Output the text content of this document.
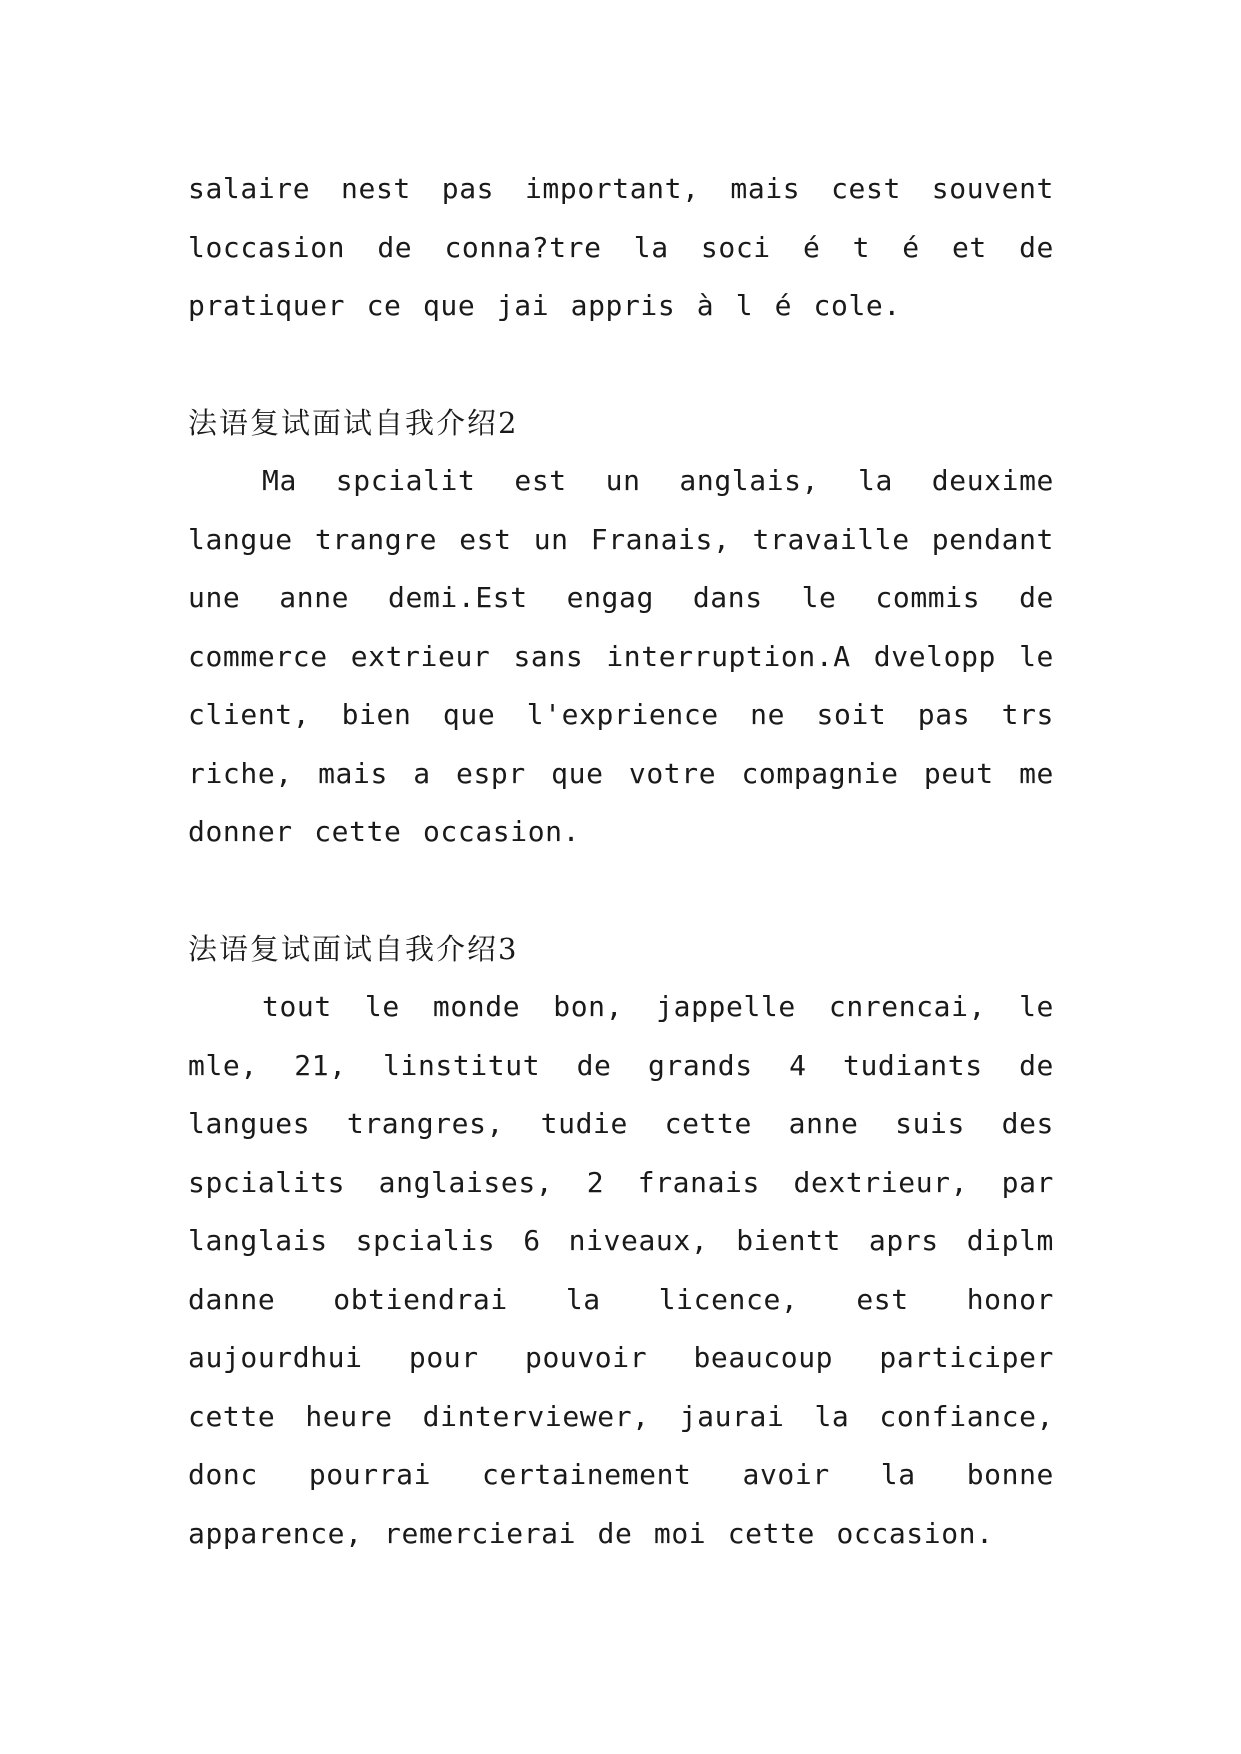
salaire nest pas important, mais cest souvent loccasion de conna?tre la soci é t é et de pratiquer ce que jai appris à l é cole.

法语复试面试自我介绍2

Ma spcialit est un anglais, la deuxime langue trangre est un Franais, travaille pendant une anne demi.Est engag dans le commis de commerce extrieur sans interruption.A dvelopp le client, bien que l'exprience ne soit pas trs riche, mais a espr que votre compagnie peut me donner cette occasion.

法语复试面试自我介绍3

tout le monde bon, jappelle cnrencai, le mle, 21, linstitut de grands 4 tudiants de langues trangres, tudie cette anne suis des spcialits anglaises, 2 franais dextrieur, par langlais spcialis 6 niveaux, bientt aprs diplm danne obtiendrai la licence, est honor aujourdhui pour pouvoir beaucoup participer cette heure dinterviewer, jaurai la confiance, donc pourrai certainement avoir la bonne apparence, remercierai de moi cette occasion.
